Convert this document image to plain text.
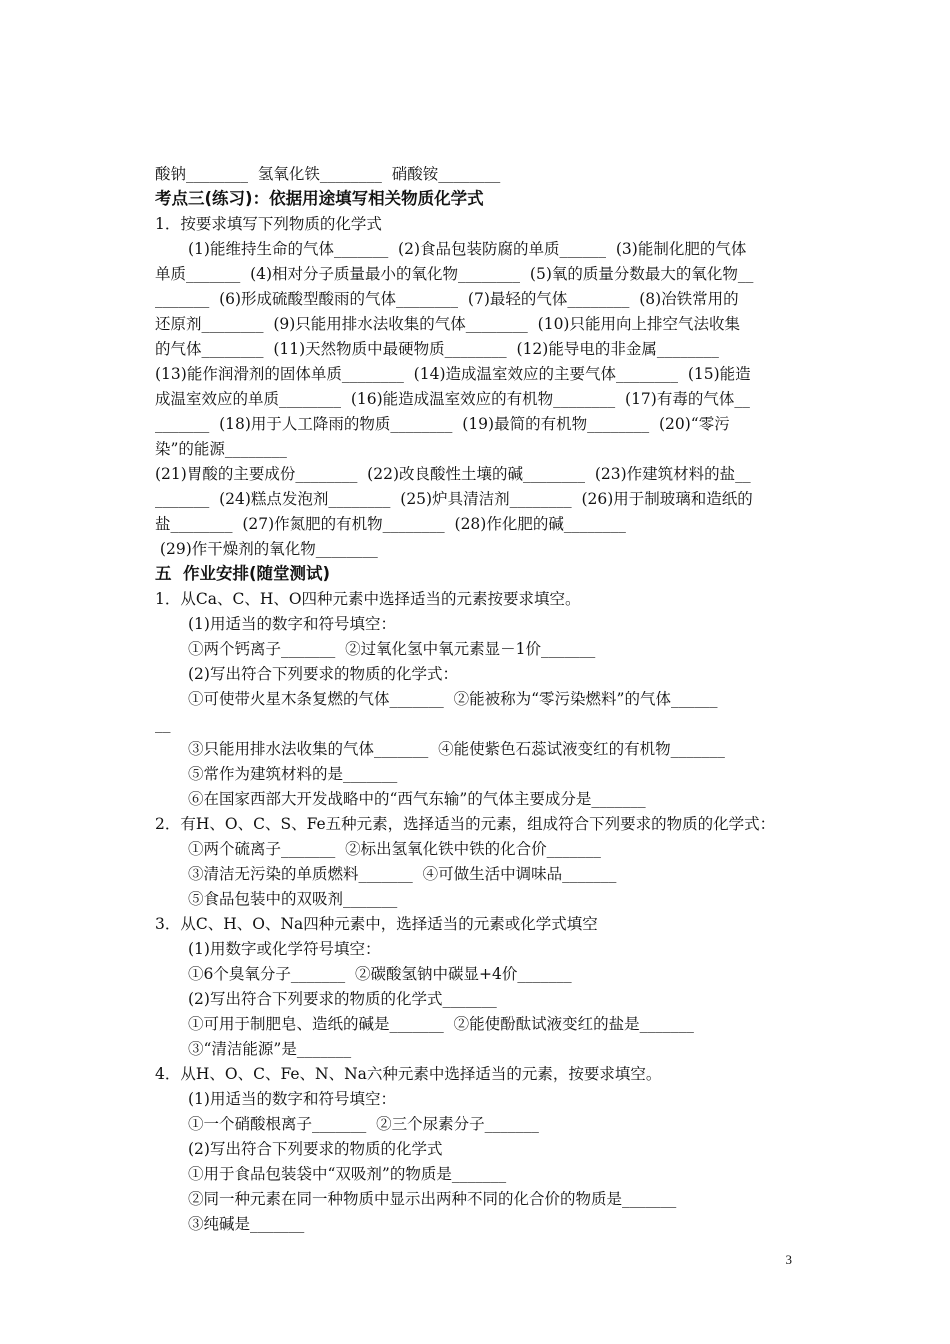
酸钠________  氢氧化铁________  硝酸铵________
考点三(练习)：依据用途填写相关物质化学式
1．按要求填写下列物质的化学式
(1)能维持生命的气体_______  (2)食品包装防腐的单质______  (3)能制化肥的气体
单质_______  (4)相对分子质量最小的氧化物________  (5)氧的质量分数最大的氧化物__
_______  (6)形成硫酸型酸雨的气体________  (7)最轻的气体________  (8)冶铁常用的
还原剂________  (9)只能用排水法收集的气体________  (10)只能用向上排空气法收集
的气体________  (11)天然物质中最硬物质________  (12)能导电的非金属________
(13)能作润滑剂的固体单质________  (14)造成温室效应的主要气体________  (15)能造
成温室效应的单质________  (16)能造成温室效应的有机物________  (17)有毒的气体__
_______  (18)用于人工降雨的物质________  (19)最简的有机物________  (20)“零污
染”的能源________
(21)胃酸的主要成份________  (22)改良酸性土壤的碱________  (23)作建筑材料的盐__
_______  (24)糕点发泡剂________  (25)炉具清洁剂________  (26)用于制玻璃和造纸的
盐________  (27)作氮肥的有机物________  (28)作化肥的碱________
(29)作干燥剂的氧化物________
五  作业安排(随堂测试)
1．从Ca、C、H、O四种元素中选择适当的元素按要求填空。
(1)用适当的数字和符号填空：
①两个钙离子_______  ②过氧化氢中氧元素显－1价_______
(2)写出符合下列要求的物质的化学式：
①可使带火星木条复燃的气体_______  ②能被称为“零污染燃料”的气体______
__
③只能用排水法收集的气体_______  ④能使紫色石蕊试液变红的有机物_______
⑤常作为建筑材料的是_______
⑥在国家西部大开发战略中的“西气东输”的气体主要成分是_______
2．有H、O、C、S、Fe五种元素，选择适当的元素，组成符合下列要求的物质的化学式：
①两个硫离子_______  ②标出氢氧化铁中铁的化合价_______
③清洁无污染的单质燃料_______  ④可做生活中调味品_______
⑤食品包装中的双吸剂_______
3．从C、H、O、Na四种元素中，选择适当的元素或化学式填空
(1)用数字或化学符号填空：
①6个臭氧分子_______  ②碳酸氢钠中碳显+4价_______
(2)写出符合下列要求的物质的化学式_______
①可用于制肥皂、造纸的碱是_______  ②能使酚酞试液变红的盐是_______
③“清洁能源”是_______
4．从H、O、C、Fe、N、Na六种元素中选择适当的元素，按要求填空。
(1)用适当的数字和符号填空：
①一个硝酸根离子_______  ②三个尿素分子_______
(2)写出符合下列要求的物质的化学式
①用于食品包装袋中“双吸剂”的物质是_______
②同一种元素在同一种物质中显示出两种不同的化合价的物质是_______
③纯碱是_______
3
